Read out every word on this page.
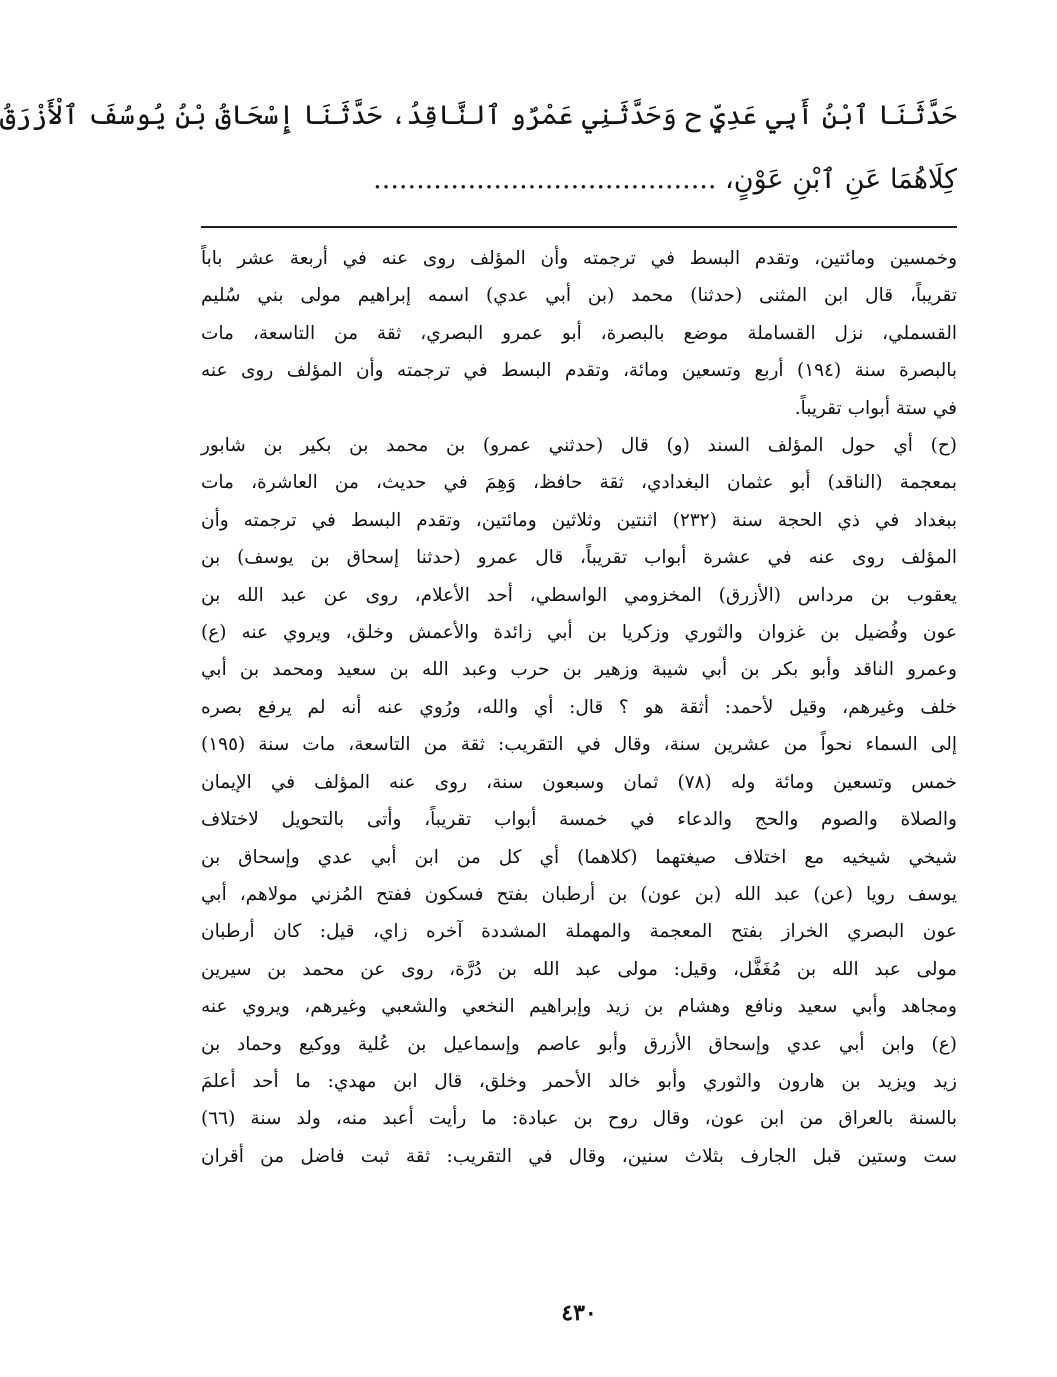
حَدَّثَنَا ٱبْنُ أَبِي عَدِيٍّ ح وَحَدَّثَنِي عَمْرٌو ٱلنَّاقِدُ، حَدَّثَنَا إِسْحَاقُ بْنُ يُوسُفَ ٱلْأَزْرَقُ
كِلَاهُمَا عَنِ ٱبْنِ عَوْنٍ، ........................................

وخمسين ومائتين، وتقدم البسط في ترجمته وأن المؤلف روى عنه في أربعة عشر باباً
تقريباً، قال ابن المثنى (حدثنا) محمد (بن أبي عدي) اسمه إبراهيم مولى بني سُليم
القسملي، نزل القساملة موضع بالبصرة، أبو عمرو البصري، ثقة من التاسعة، مات
بالبصرة سنة (١٩٤) أربع وتسعين ومائة، وتقدم البسط في ترجمته وأن المؤلف روى عنه
في ستة أبواب تقريباً.

(ح) أي حول المؤلف السند (و) قال (حدثني عمرو) بن محمد بن بكير بن شابور
بمعجمة (الناقد) أبو عثمان البغدادي، ثقة حافظ، وَهِمَ في حديث، من العاشرة، مات
ببغداد في ذي الحجة سنة (٢٣٢) اثنتين وثلاثين ومائتين، وتقدم البسط في ترجمته وأن
المؤلف روى عنه في عشرة أبواب تقريباً، قال عمرو (حدثنا إسحاق بن يوسف) بن
يعقوب بن مرداس (الأزرق) المخزومي الواسطي، أحد الأعلام، روى عن عبد الله بن
عون وفُضيل بن غزوان والثوري وزكريا بن أبي زائدة والأعمش وخلق، ويروي عنه (ع)
وعمرو الناقد وأبو بكر بن أبي شيبة وزهير بن حرب وعبد الله بن سعيد ومحمد بن أبي
خلف وغيرهم، وقيل لأحمد: أثقة هو ؟ قال: أي والله، ورُوي عنه أنه لم يرفع بصره
إلى السماء نحواً من عشرين سنة، وقال في التقريب: ثقة من التاسعة، مات سنة (١٩٥)
خمس وتسعين ومائة وله (٧٨) ثمان وسبعون سنة، روى عنه المؤلف في الإيمان
والصلاة والصوم والحج والدعاء في خمسة أبواب تقريباً، وأتى بالتحويل لاختلاف
شيخي شيخيه مع اختلاف صيغتهما (كلاهما) أي كل من ابن أبي عدي وإسحاق بن
يوسف رويا (عن) عبد الله (بن عون) بن أرطبان بفتح فسكون ففتح المُزني مولاهم، أبي
عون البصري الخراز بفتح المعجمة والمهملة المشددة آخره زاي، قيل: كان أرطبان
مولى عبد الله بن مُغَفَّل، وقيل: مولى عبد الله بن دُرَّة، روى عن محمد بن سيرين
ومجاهد وأبي سعيد ونافع وهشام بن زيد وإبراهيم النخعي والشعبي وغيرهم، ويروي عنه
(ع) وابن أبي عدي وإسحاق الأزرق وأبو عاصم وإسماعيل بن عُلية ووكيع وحماد بن
زيد ويزيد بن هارون والثوري وأبو خالد الأحمر وخلق، قال ابن مهدي: ما أحد أعلمَ
بالسنة بالعراق من ابن عون، وقال روح بن عبادة: ما رأيت أعبد منه، ولد سنة (٦٦)
ست وستين قبل الجارف بثلاث سنين، وقال في التقريب: ثقة ثبت فاضل من أقران

٤٣٠
